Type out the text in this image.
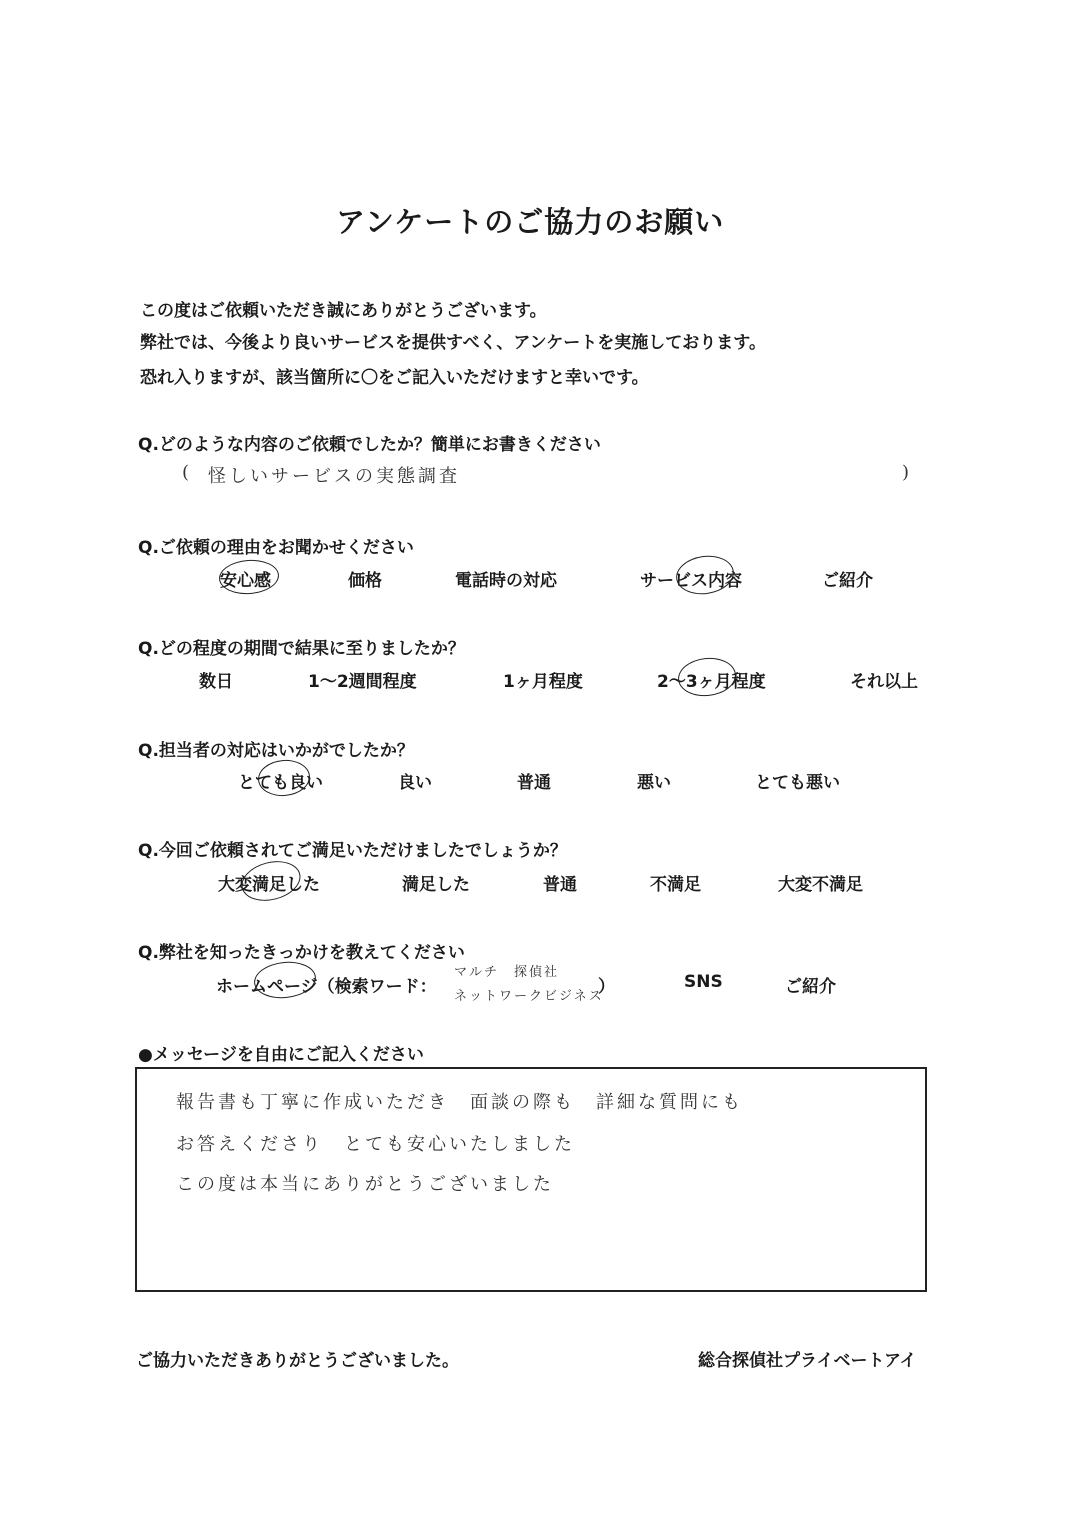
アンケートのご協力のお願い
この度はご依頼いただき誠にありがとうございます。
弊社では、今後より良いサービスを提供すべく、アンケートを実施しております。
恐れ入りますが、該当箇所に〇をご記入いただけますと幸いです。
Q.どのような内容のご依頼でしたか？簡単にお書きください
( 怪しいサービスの実態調査	)
Q.ご依頼の理由をお聞かせください
安心感	価格	電話時の対応	サービス内容	ご紹介
Q.どの程度の期間で結果に至りましたか？
数日	1～2週間程度	1ヶ月程度	2～3ヶ月程度	それ以上
Q.担当者の対応はいかがでしたか？
とても良い	良い	普通	悪い	とても悪い
Q.今回ご依頼されてご満足いただけましたでしょうか？
大変満足した	満足した	普通	不満足	大変不満足
Q.弊社を知ったきっかけを教えてください
ホームページ（検索ワード：
マルチ　探偵社
ネットワークビジネス
）	SNS	ご紹介
●メッセージを自由にご記入ください
報告書も丁寧に作成いただき　面談の際も　詳細な質問にも
お答えくださり　とても安心いたしました
この度は本当にありがとうございました
ご協力いただきありがとうございました。	総合探偵社プライベートアイ
